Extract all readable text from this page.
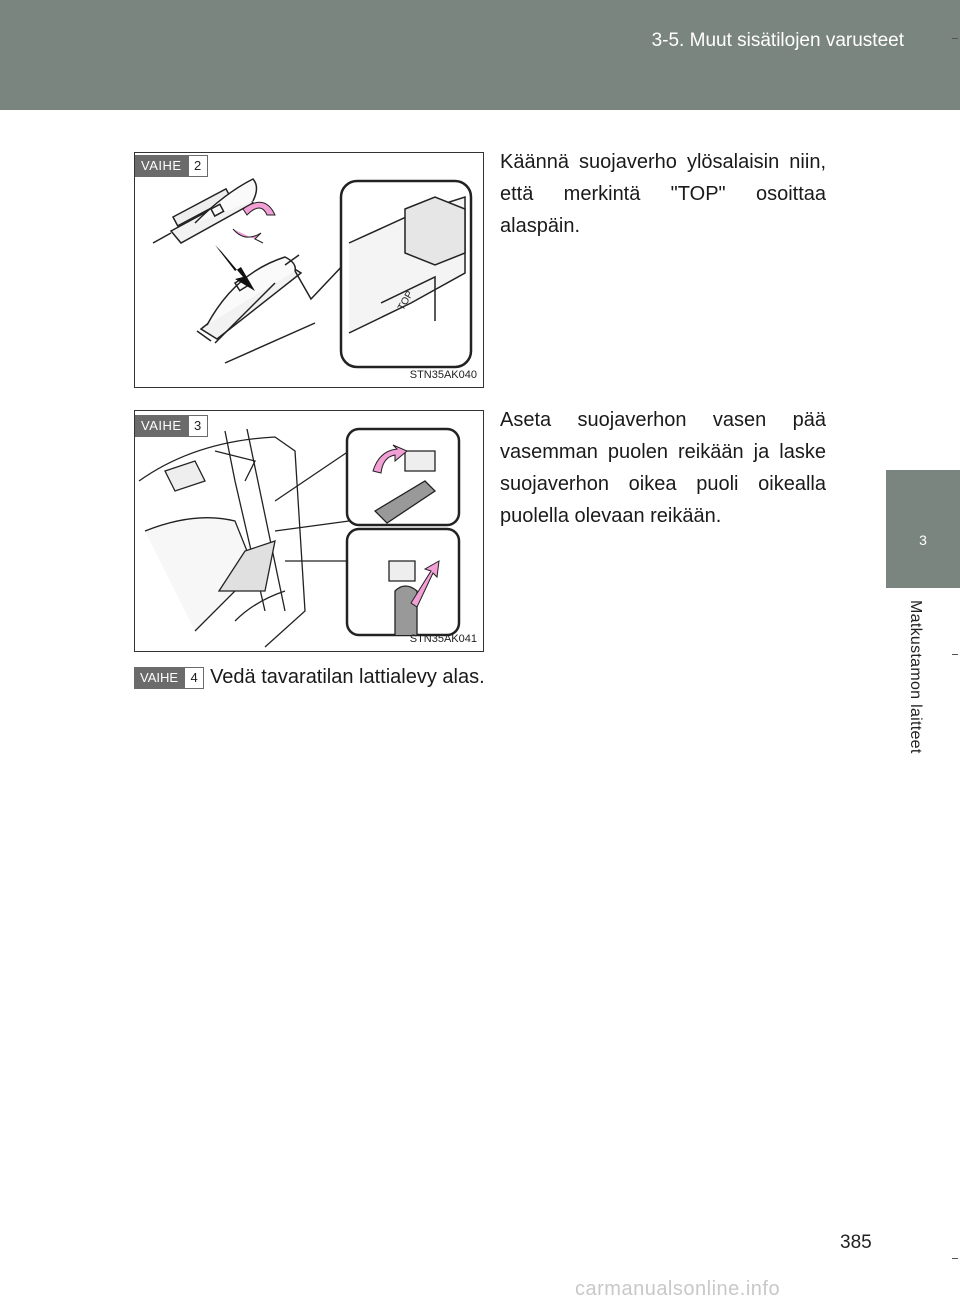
3-5. Muut sisätilojen varusteet
3
Matkustamon laitteet
VAIHE 2
TOP
STN35AK040
Käännä suojaverho ylösalaisin niin, että merkintä "TOP" osoittaa alaspäin.
VAIHE 3
STN35AK041
Aseta suojaverhon vasen pää vasemman puolen reikään ja laske suojaverhon oikea puoli oikealla puolella olevaan reikään.
VAIHE 4 Vedä tavaratilan lattialevy alas.
385
carmanualsonline.info
